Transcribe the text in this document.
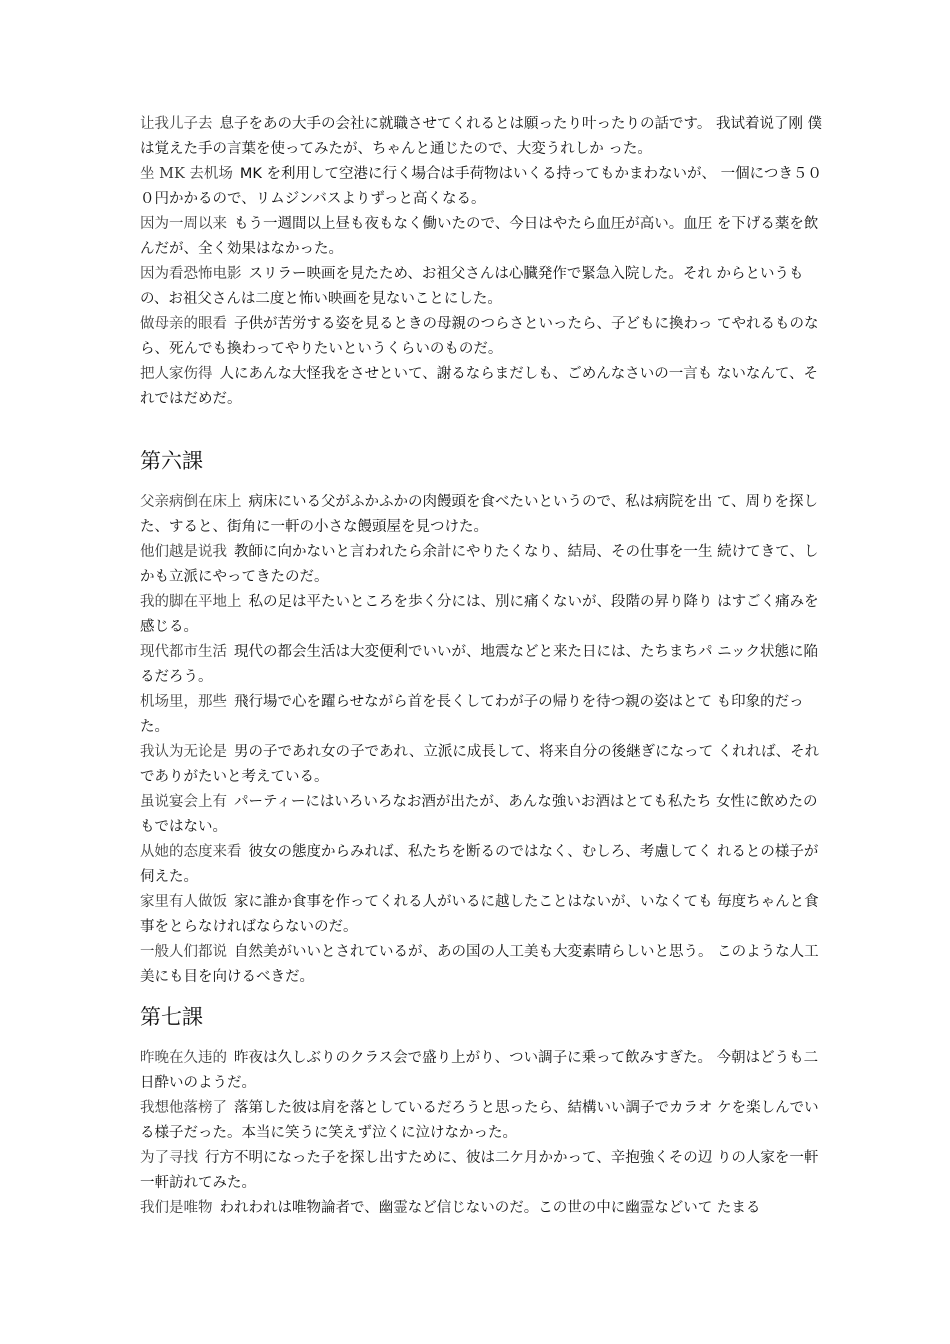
让我儿子去 息子をあの大手の会社に就職させてくれるとは願ったり叶ったりの話です。 我试着说了刚 僕は覚えた手の言葉を使ってみたが、ちゃんと通じたので、大変うれしか った。

坐 MK 去机场 MK を利用して空港に行く場合は手荷物はいくる持ってもかまわないが、 一個につき５００円かかるので、リムジンバスよりずっと高くなる。

因为一周以来 もう一週間以上昼も夜もなく働いたので、今日はやたら血圧が高い。血圧 を下げる薬を飲んだが、全く効果はなかった。

因为看恐怖电影 スリラー映画を見たため、お祖父さんは心臓発作で緊急入院した。それ からというもの、お祖父さんは二度と怖い映画を見ないことにした。

做母亲的眼看 子供が苦労する姿を見るときの母親のつらさといったら、子どもに換わっ てやれるものなら、死んでも換わってやりたいというくらいのものだ。

把人家伤得 人にあんな大怪我をさせといて、謝るならまだしも、ごめんなさいの一言も ないなんて、それではだめだ。

第六課

父亲病倒在床上 病床にいる父がふかふかの肉饅頭を食べたいというので、私は病院を出 て、周りを探した、すると、街角に一軒の小さな饅頭屋を見つけた。

他们越是说我 教師に向かないと言われたら余計にやりたくなり、結局、その仕事を一生 続けてきて、しかも立派にやってきたのだ。

我的脚在平地上 私の足は平たいところを歩く分には、別に痛くないが、段階の昇り降り はすごく痛みを感じる。

现代都市生活 現代の都会生活は大変便利でいいが、地震などと来た日には、たちまちパ ニック状態に陥るだろう。

机场里，那些 飛行場で心を躍らせながら首を長くしてわが子の帰りを待つ親の姿はとて も印象的だった。

我认为无论是 男の子であれ女の子であれ、立派に成長して、将来自分の後継ぎになって くれれば、それでありがたいと考えている。

虽说宴会上有 パーティーにはいろいろなお酒が出たが、あんな強いお酒はとても私たち 女性に飲めたのもではない。

从她的态度来看 彼女の態度からみれば、私たちを断るのではなく、むしろ、考慮してく れるとの様子が伺えた。

家里有人做饭 家に誰か食事を作ってくれる人がいるに越したことはないが、いなくても 毎度ちゃんと食事をとらなければならないのだ。

一般人们都说 自然美がいいとされているが、あの国の人工美も大変素晴らしいと思う。 このような人工美にも目を向けるべきだ。

第七課

昨晚在久违的 昨夜は久しぶりのクラス会で盛り上がり、つい調子に乗って飲みすぎた。 今朝はどうも二日酔いのようだ。

我想他落榜了 落第した彼は肩を落としているだろうと思ったら、結構いい調子でカラオ ケを楽しんでいる様子だった。本当に笑うに笑えず泣くに泣けなかった。

为了寻找 行方不明になった子を探し出すために、彼は二ケ月かかって、辛抱強くその辺 りの人家を一軒一軒訪れてみた。

我们是唯物 われわれは唯物論者で、幽霊など信じないのだ。この世の中に幽霊などいて たまる
